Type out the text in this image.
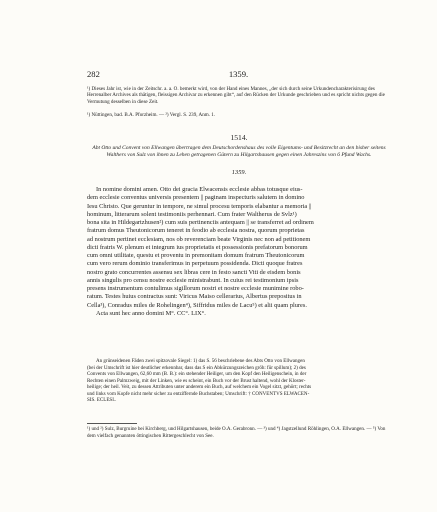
282	1359.

¹) Dieses Jahr ist, wie in der Zeitschr. a. a. O. bemerkt wird, von der Hand eines Mannes, „der sich durch seine Urkundencharakterisirung des Herrenalber Archives als thätigen, fleissigen Archivar zu erkennen gibt“, auf den Rücken der Urkunde geschrieben und es spricht nichts gegen die Vermutung desselben in diese Zeit.

¹) Nüttingen, bad. B.A. Pforzheim. — ²) Vergl. S. 239, Anm. 1.

1514.
Abt Otto und Convent von Ellwangen übertragen dem Deutschordenshaus des volle Eigentums- und Besitzrecht an den bisher seitens Walthers von Sulz von ihnen zu Lehen getragenen Gütern zu Hilgartshausen gegen einen Jahreszins von 6 Pfund Wachs.
1359.
In nomine domini amen. Otto dei gracia Elwacensis ecclesie abbas totusque eius-
dem ecclesie conventus universis presentem || paginam inspecturis salutem in domino
Iesu Christo. Que geruntur in tempore, ne simul procesu temporis elabantur a memoria ||
hominum, litterarum solent testimoniis perhennari. Cum frater Waltherus de Svlz¹)
bona sita in Hildegartzhusen²) cum suis pertinenciis antequam || se transferret ad ordinem
fratrum domus Theutonicorum teneret in feodio ab ecclesia nostra, quorum proprietas
ad nostrum pertinet ecclesiam, nos ob reverenciam beate Virginis nec non ad petitionem
dicti fratris W. plenum et integrum ius proprietatis et possessionis prefatorum bonorum
cum omni utilitate, questu et proventu in premonitam domum fratrum Theutonicorum
cum vero rerum dominio transferimus in perpetuum possidenda. Dicti quoque fratres
nostro grato concurrentes assensu sex libras cere in festo sancti Viti de eisdem bonis
annis singulis pro censu nostre ecclesie ministrabunt. In cuius rei testimonium ipsis
presens instrumentum contulimus sigillorum nostri et nostre ecclesie munimine robo-
ratum. Testes huius contractus sunt: Viricus Maiso cellerarius, Albertus prepositus in
Cella³), Conradus miles de Rohelingen⁴), Siffridus miles de Lacu⁵) et alii quam plures.
Acta sunt hec anno domini M°. CC°. LIX°.
An grünseidenen Fäden zwei spitzovale Siegel: 1) das S. 56 beschriebene des Abts Otto von Ellwangen
(bei der Umschrift ist hier deutlicher erkennbar, dass das S ein Abkürzungszeichen gröh: für spillum); 2) des
Convents von Ellwangen, 62,60 mm (B. B.): ein stehender Heiliger, um den Kopf den Heiligenschein, in der
Rechten einen Palmzweig, mit der Linken, wie es scheint, ein Buch vor der Brust haltend, wohl der Kloster-
heilige; der heil. Veit, zu dessen Attributen unter anderem ein Buch, auf welchem ein Vogel sitzt, gehört; rechts
und links vom Kopfe nicht mehr sicher zu entziffernde Buchstaben; Umschrift: † CONVENTVS ELWACEN-
SIS. ECLESI..
¹) und ²) Sulz, Burgruine bei Kirchberg, und Hilgartshausen, beide O.A. Gerabronn. — ³) und ⁴) Jagstzellund Röhlingen, O.A. Ellwangen. — ⁵) Von dem vielfach genannten öttingischen Rittergeschlecht von See.
